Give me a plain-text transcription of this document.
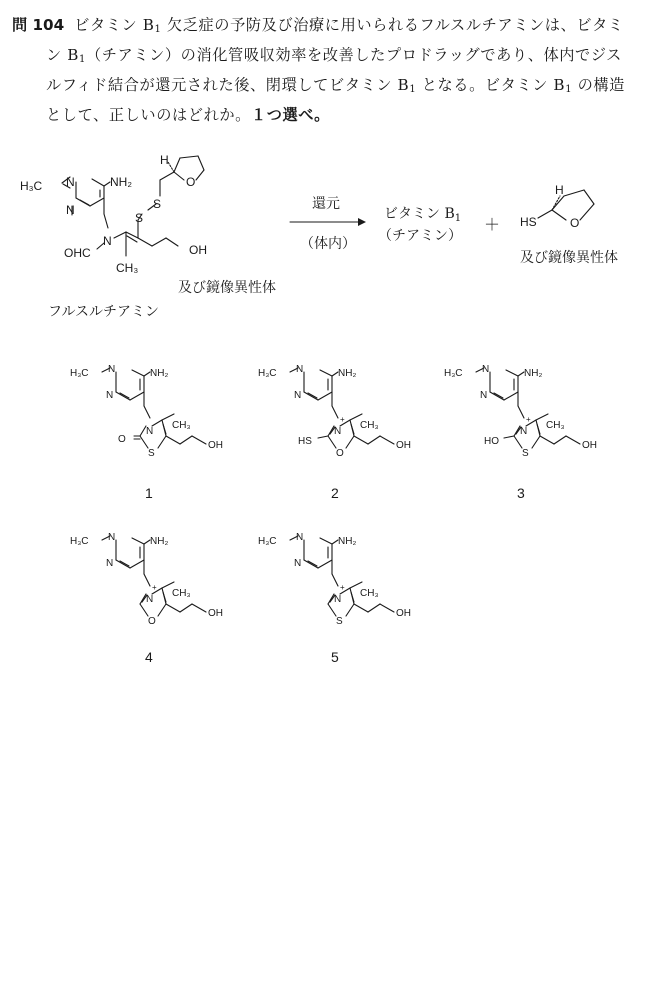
問 104 ビタミン $B_1$ 欠乏症の予防及び治療に用いられるフルスルチアミンは、ビタミ
ン $B_1$（チアミン）の消化管吸収効率を改善したプロドラッグであり、体内でジス
ルフィド結合が還元された後、閉環してビタミン $B_1$ となる。ビタミン $B_1$ の構造
として、正しいのはどれか。１つ選べ。
H₃C N
N
NH₂
N
OHC
CH₃
S
S
OH
O
H
及び鏡像異性体
フルスルチアミン
還元
（体内）
ビタミン $B_1$
（チアミン）
＋ HS	O
H
及び鏡像異性体
H₃C N
N
NH₂
N
CH₃
O
S
OH
1
H₃C N
N
NH₂
N
+
CH₃
HS
O
OH
2
H₃C N
N
NH₂
N
+
CH₃
HO
S
OH
3
H₃C N
N
NH₂
N
+
CH₃
O
OH
4
H₃C N
N
NH₂
N
+
CH₃
S
OH
5
